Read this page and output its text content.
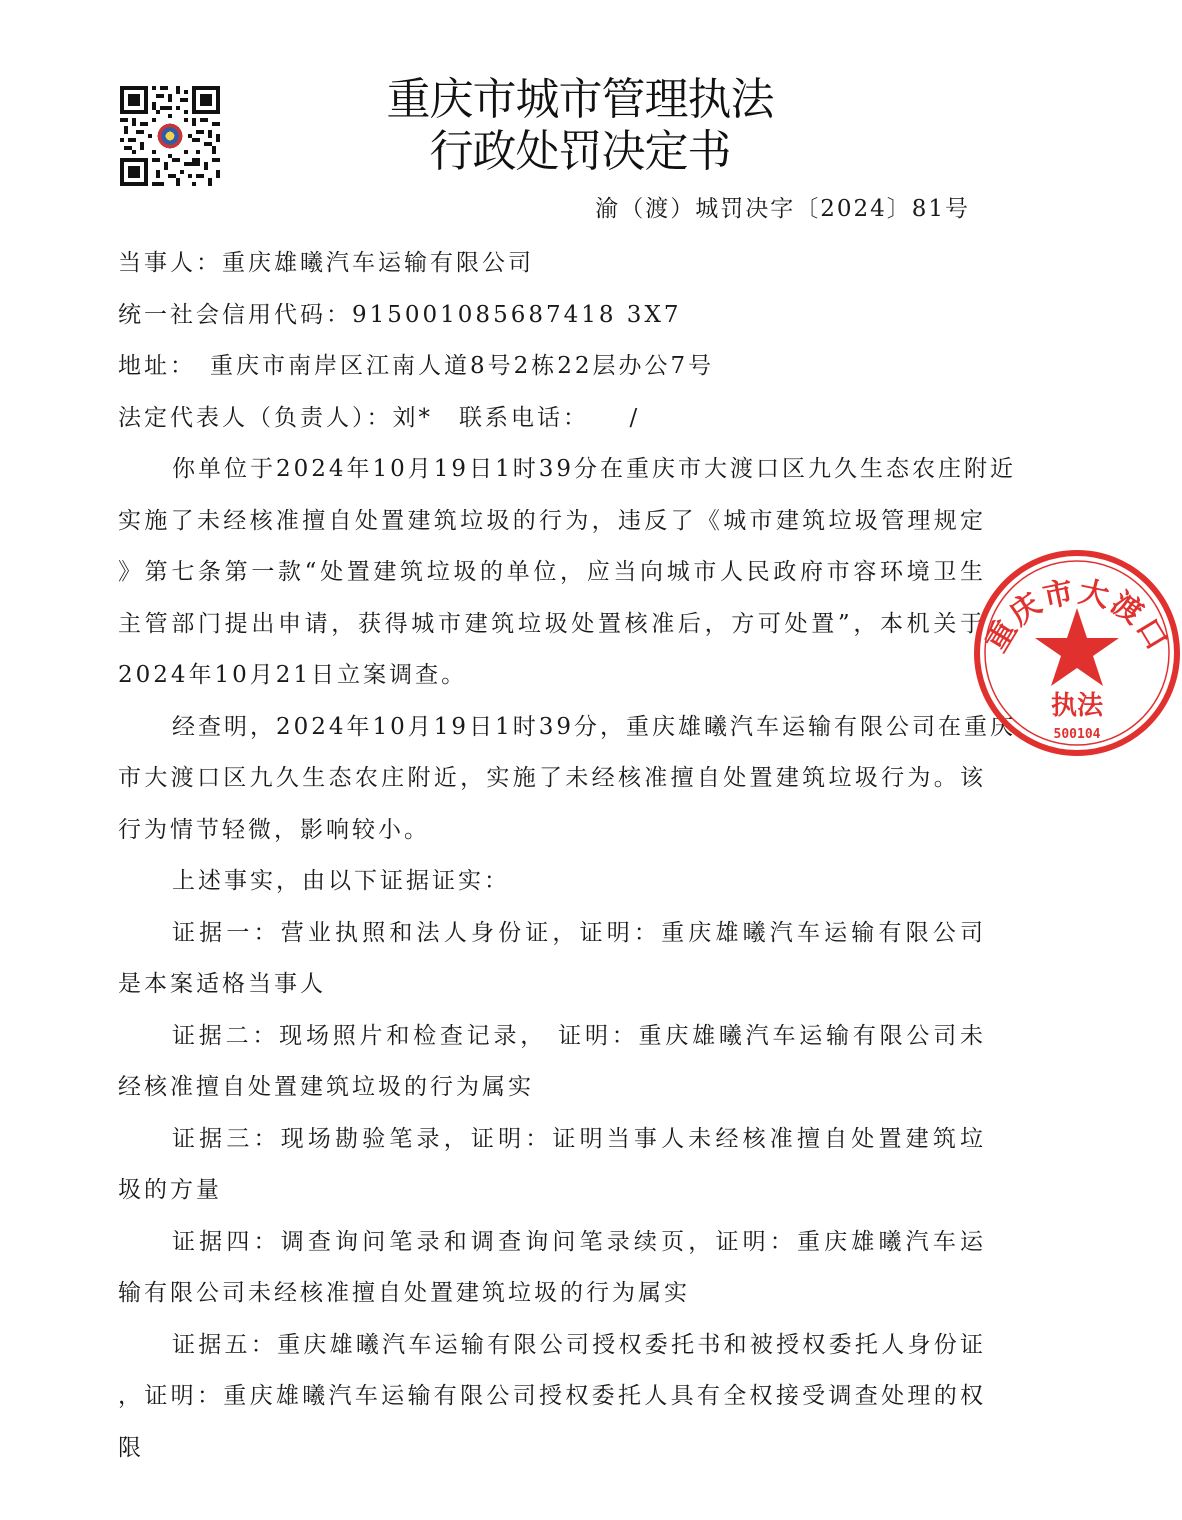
重庆市城市管理执法
行政处罚决定书
渝（渡）城罚决字〔2024〕81号
当事人：重庆雄曦汽车运输有限公司
统一社会信用代码：915001085687418 3X7
地址： 重庆市南岸区江南人道8号2栋22层办公7号
法定代表人（负责人）：刘*　联系电话：　　/
你单位于2024年10月19日1时39分在重庆市大渡口区九久生态农庄附近
实施了未经核准擅自处置建筑垃圾的行为，违反了《城市建筑垃圾管理规定
》第七条第一款“处置建筑垃圾的单位，应当向城市人民政府市容环境卫生
主管部门提出申请，获得城市建筑垃圾处置核准后，方可处置”，本机关于
2024年10月21日立案调查。
经查明，2024年10月19日1时39分，重庆雄曦汽车运输有限公司在重庆
市大渡口区九久生态农庄附近，实施了未经核准擅自处置建筑垃圾行为。该
行为情节轻微，影响较小。
上述事实，由以下证据证实：
证据一：营业执照和法人身份证，证明：重庆雄曦汽车运输有限公司
是本案适格当事人
证据二：现场照片和检查记录， 证明：重庆雄曦汽车运输有限公司未
经核准擅自处置建筑垃圾的行为属实
证据三：现场勘验笔录，证明：证明当事人未经核准擅自处置建筑垃
圾的方量
证据四：调查询问笔录和调查询问笔录续页，证明：重庆雄曦汽车运
输有限公司未经核准擅自处置建筑垃圾的行为属实
证据五：重庆雄曦汽车运输有限公司授权委托书和被授权委托人身份证
，证明：重庆雄曦汽车运输有限公司授权委托人具有全权接受调查处理的权
限
重庆市大渡口
执法
500104
